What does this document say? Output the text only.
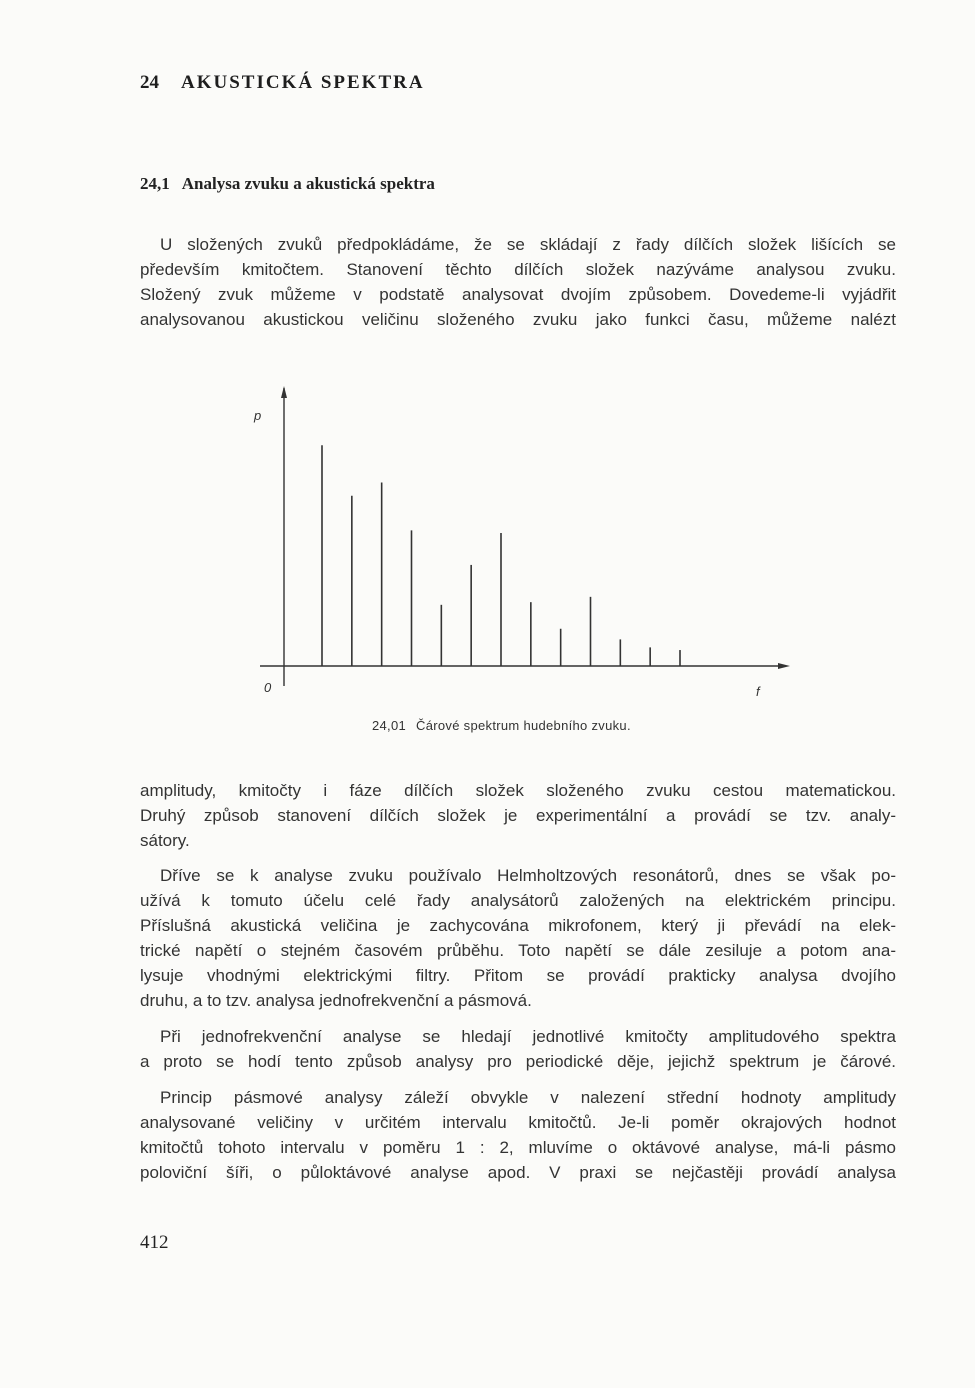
24 AKUSTICKÁ SPEKTRA
24,1 Analysa zvuku a akustická spektra
U složených zvuků předpokládáme, že se skládají z řady dílčích složek lišících se
především kmitočtem. Stanovení těchto dílčích složek nazýváme analysou zvuku.
Složený zvuk můžeme v podstatě analysovat dvojím způsobem. Dovedeme-li vyjádřit
analysovanou akustickou veličinu složeného zvuku jako funkci času, můžeme nalézt
p
0	f
24,01 Čárové spektrum hudebního zvuku.
amplitudy, kmitočty i fáze dílčích složek složeného zvuku cestou matematickou.
Druhý způsob stanovení dílčích složek je experimentální a provádí se tzv. analy-
sátory.
Dříve se k analyse zvuku používalo Helmholtzových resonátorů, dnes se však po-
užívá k tomuto účelu celé řady analysátorů založených na elektrickém principu.
Příslušná akustická veličina je zachycována mikrofonem, který ji převádí na elek-
trické napětí o stejném časovém průběhu. Toto napětí se dále zesiluje a potom ana-
lysuje vhodnými elektrickými filtry. Přitom se provádí prakticky analysa dvojího
druhu, a to tzv. analysa jednofrekvenční a pásmová.
Při jednofrekvenční analyse se hledají jednotlivé kmitočty amplitudového spektra
a proto se hodí tento způsob analysy pro periodické děje, jejichž spektrum je čárové.
Princip pásmové analysy záleží obvykle v nalezení střední hodnoty amplitudy
analysované veličiny v určitém intervalu kmitočtů. Je-li poměr okrajových hodnot
kmitočtů tohoto intervalu v poměru 1 : 2, mluvíme o oktávové analyse, má-li pásmo
poloviční šíři, o půloktávové analyse apod. V praxi se nejčastěji provádí analysa
412
